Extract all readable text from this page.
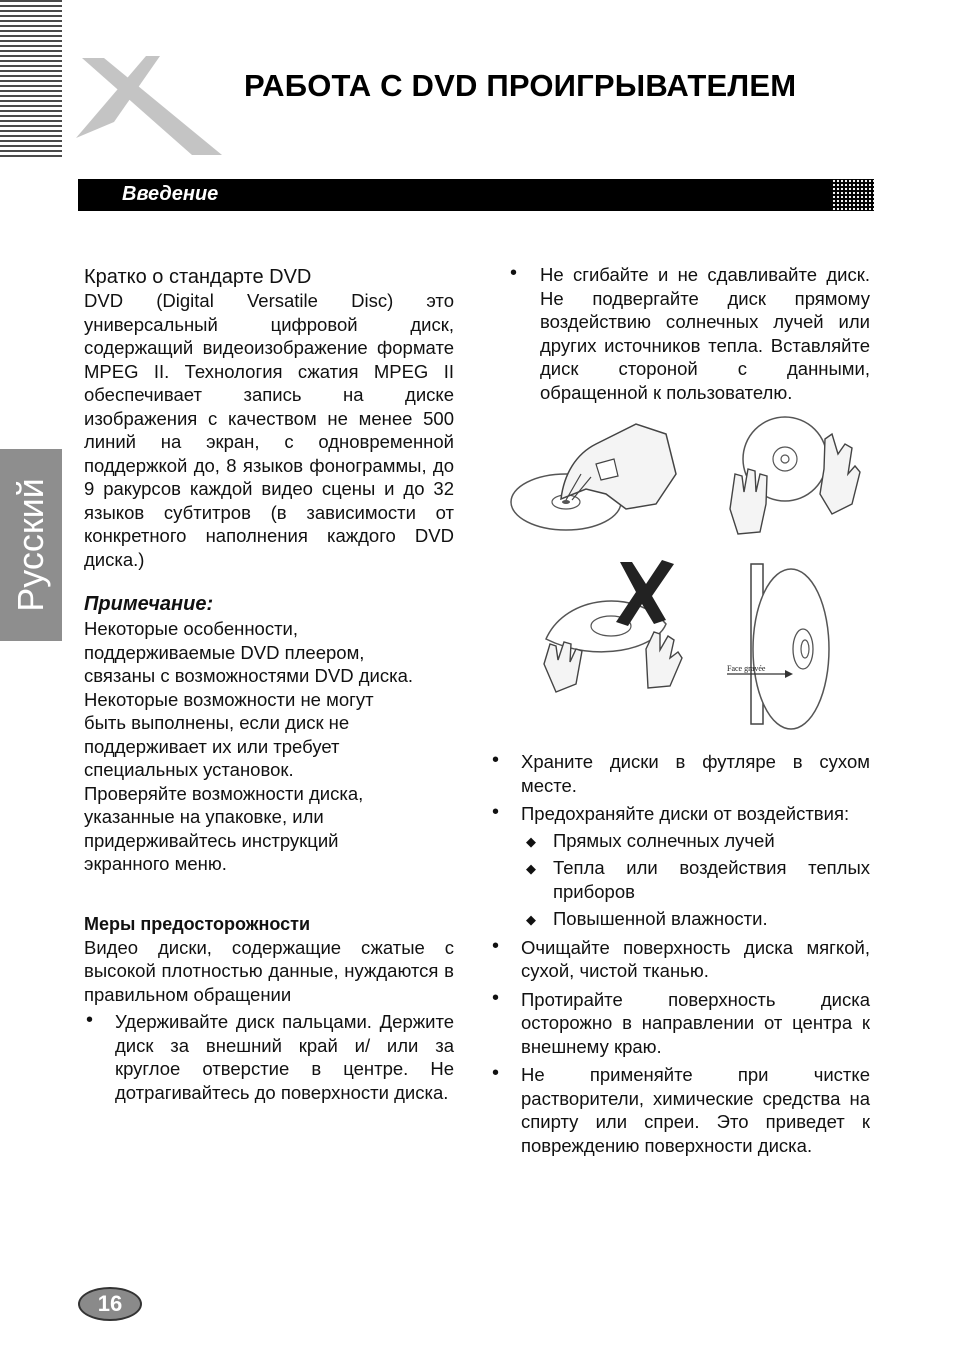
РАБОТА С DVD ПРОИГРЫВАТЕЛЕМ
Введение
Русский
Кратко о стандарте DVD
DVD (Digital Versatile Disc) это универсальный цифровой диск, содержащий видеоизображение формате MPEG II. Технология сжатия MPEG II обеспечивает запись на диске изображения с качеством не менее 500 линий на экран, с одновременной поддержкой до, 8 языков фонограммы, до 9 ракурсов каждой видео сцены и до 32 языков субтитров (в зависимости от конкретного наполнения каждого DVD диска.)
Примечание:
Некоторые особенности,
поддерживаемые DVD плеером,
связаны с возможностями DVD диска.
Некоторые возможности не могут
быть выполнены, если диск не
поддерживает их или требует
специальных установок.
Проверяйте возможности диска,
указанные на упаковке, или
придерживайтесь инструкций
экранного меню.
Меры предосторожности
Видео диски, содержащие сжатые с высокой плотностью данные, нуждаются в правильном обращении
• Удерживайте диск пальцами. Держите диск за внешний край и/ или за круглое отверстие в центре. Не дотрагивайтесь до поверхности диска.
• Не сгибайте и не сдавливайте диск. Не подвергайте диск прямому воздействию солнечных лучей или других источников тепла. Вставляйте диск стороной с данными, обращенной к пользователю.
Face gravée
• Храните диски в футляре в сухом месте.
• Предохраняйте диски от воздействия:
◆ Прямых солнечных лучей
◆ Тепла или воздействия теплых приборов
◆ Повышенной влажности.
• Очищайте поверхность диска мягкой, сухой, чистой тканью.
• Протирайте поверхность диска осторожно в направлении от центра к внешнему краю.
• Не применяйте при чистке растворители, химические средства на спирту или спреи. Это приведет к повреждению поверхности диска.
16
